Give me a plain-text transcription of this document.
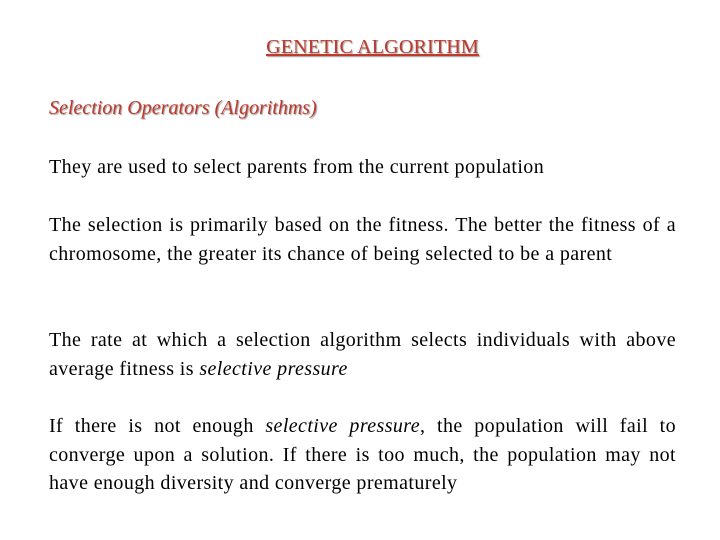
GENETIC ALGORITHM
Selection Operators (Algorithms)
They are used to select parents from the current population
The selection is primarily based on the fitness. The better the fitness of a chromosome, the greater its chance of being selected to be a parent
The rate at which a selection algorithm selects individuals with above average fitness is selective pressure
If there is not enough selective pressure, the population will fail to converge upon a solution. If there is too much, the population may not have enough diversity and converge prematurely
